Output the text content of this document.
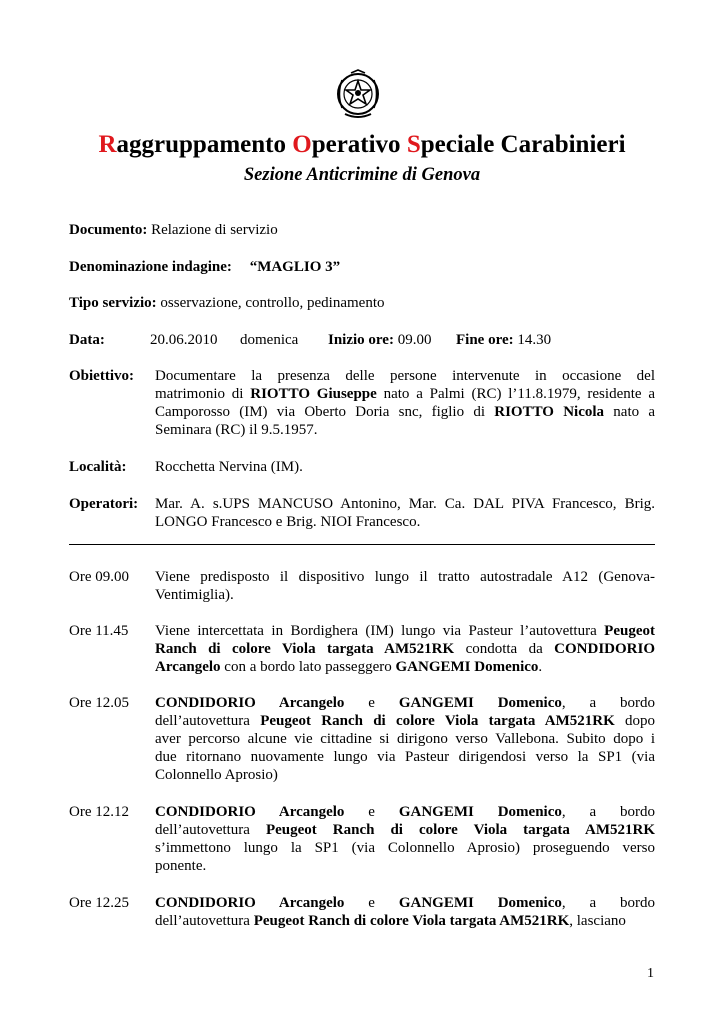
Raggruppamento Operativo Speciale Carabinieri
Sezione Anticrimine di Genova
Documento: Relazione di servizio
Denominazione indagine: “MAGLIO 3”
Tipo servizio: osservazione, controllo, pedinamento
Data:	20.06.2010 domenica Inizio ore: 09.00 Fine ore: 14.30
Obiettivo: Documentare la presenza delle persone intervenute in occasione del
matrimonio di RIOTTO Giuseppe nato a Palmi (RC) l’11.8.1979, residente a
Camporosso (IM) via Oberto Doria snc, figlio di RIOTTO Nicola nato a
Seminara (RC) il 9.5.1957.
Località: Rocchetta Nervina (IM).
Operatori: Mar. A. s.UPS MANCUSO Antonino, Mar. Ca. DAL PIVA Francesco, Brig.
LONGO Francesco e Brig. NIOI Francesco.
Ore 09.00 Viene predisposto il dispositivo lungo il tratto autostradale A12 (Genova-
Ventimiglia).
Ore 11.45 Viene intercettata in Bordighera (IM) lungo via Pasteur l’autovettura Peugeot
Ranch di colore Viola targata AM521RK condotta da CONDIDORIO
Arcangelo con a bordo lato passeggero GANGEMI Domenico.
Ore 12.05 CONDIDORIO Arcangelo e GANGEMI Domenico, a bordo
dell’autovettura Peugeot Ranch di colore Viola targata AM521RK dopo
aver percorso alcune vie cittadine si dirigono verso Vallebona. Subito dopo i
due ritornano nuovamente lungo via Pasteur dirigendosi verso la SP1 (via
Colonnello Aprosio)
Ore 12.12 CONDIDORIO Arcangelo e GANGEMI Domenico, a bordo
dell’autovettura Peugeot Ranch di colore Viola targata AM521RK
s’immettono lungo la SP1 (via Colonnello Aprosio) proseguendo verso
ponente.
Ore 12.25 CONDIDORIO Arcangelo e GANGEMI Domenico, a bordo
dell’autovettura Peugeot Ranch di colore Viola targata AM521RK, lasciano
1
